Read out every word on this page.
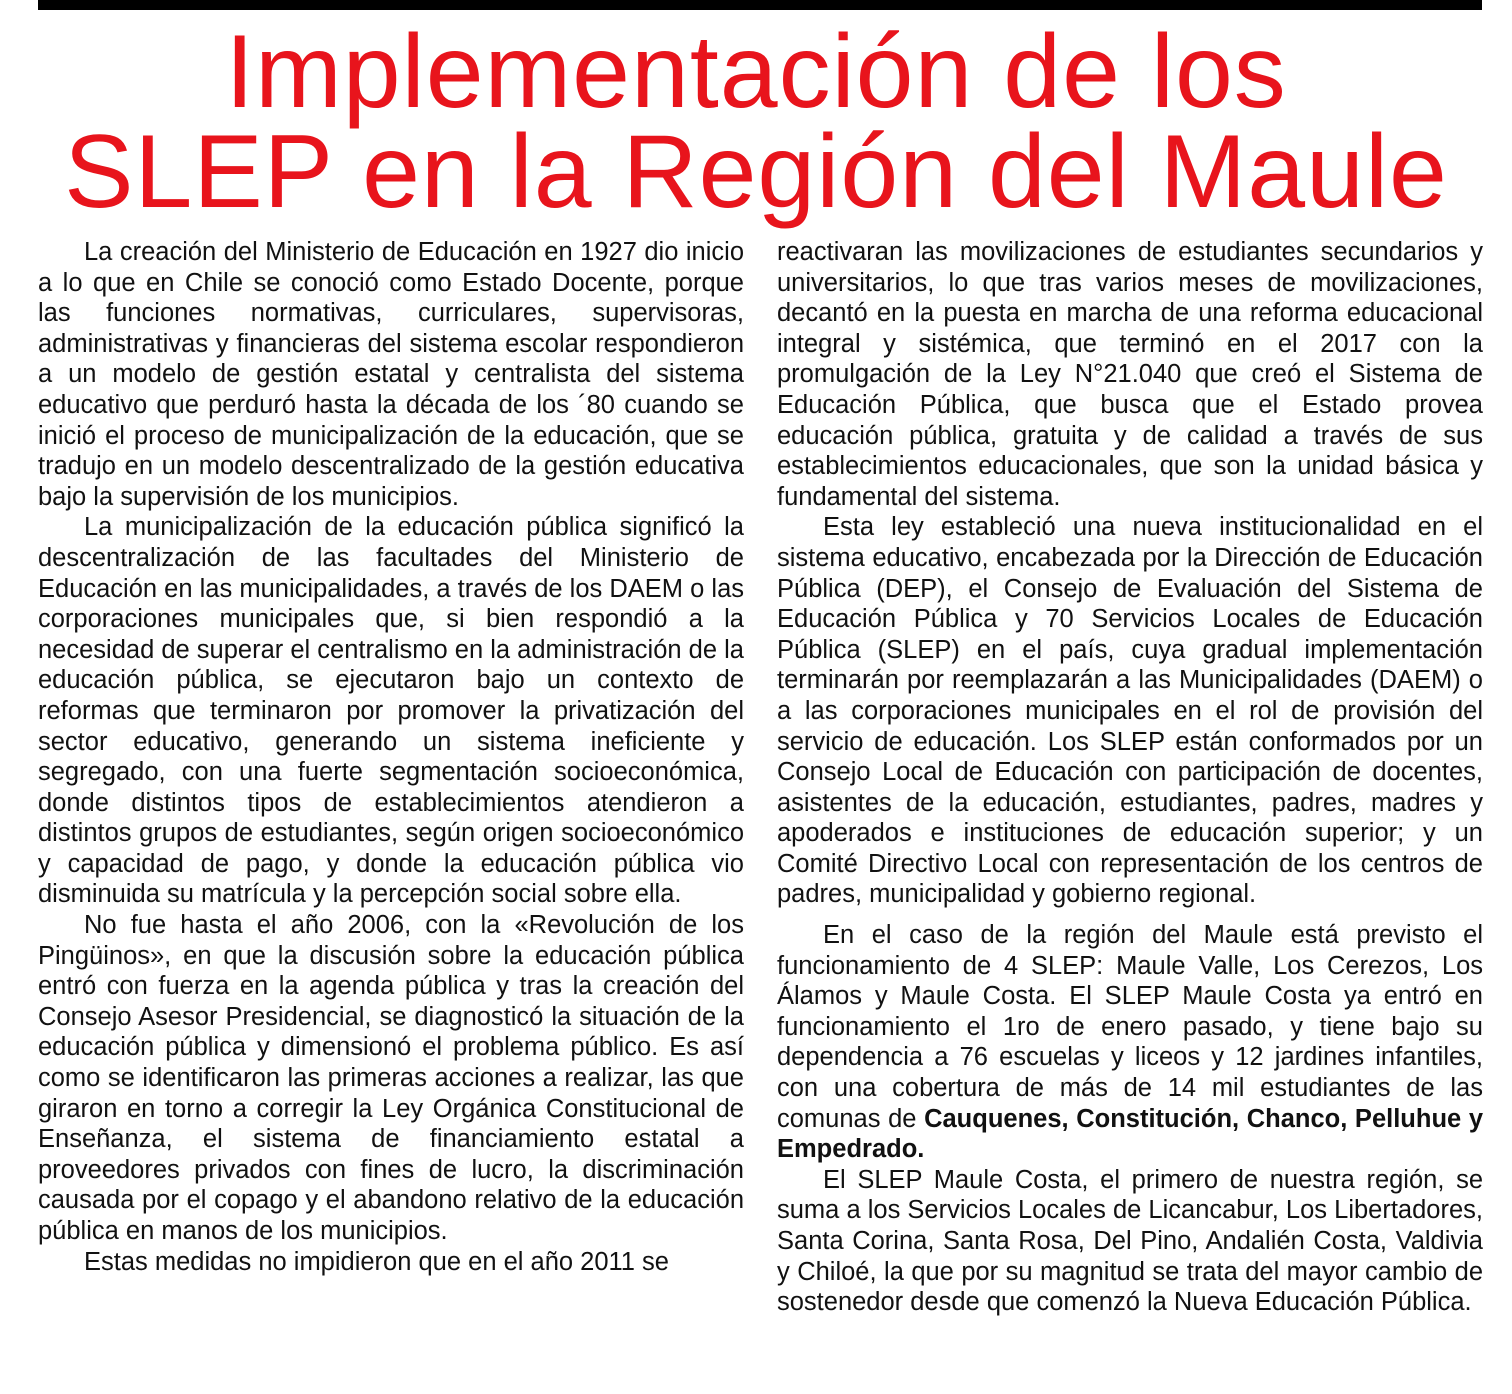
Implementación de los
SLEP en la Región del Maule

La creación del Ministerio de Educación en 1927 dio inicio a lo que en Chile se conoció como Estado Docente, porque las funciones normativas, curriculares, supervisoras, administrativas y financieras del sistema escolar respondieron a un modelo de gestión estatal y centralista del sistema educativo que perduró hasta la década de los ´80 cuando se inició el proceso de municipalización de la educación, que se tradujo en un modelo descentralizado de la gestión educativa bajo la supervisión de los municipios.

La municipalización de la educación pública significó la descentralización de las facultades del Ministerio de Educación en las municipalidades, a través de los DAEM o las corporaciones municipales que, si bien respondió a la necesidad de superar el centralismo en la administración de la educación pública, se ejecutaron bajo un contexto de reformas que terminaron por promover la privatización del sector educativo, generando un sistema ineficiente y segregado, con una fuerte segmentación socioeconómica, donde distintos tipos de establecimientos atendieron a distintos grupos de estudiantes, según origen socioeconómico y capacidad de pago, y donde la educación pública vio disminuida su matrícula y la percepción social sobre ella.

No fue hasta el año 2006, con la «Revolución de los Pingüinos», en que la discusión sobre la educación pública entró con fuerza en la agenda pública y tras la creación del Consejo Asesor Presidencial, se diagnosticó la situación de la educación pública y dimensionó el problema público. Es así como se identificaron las primeras acciones a realizar, las que giraron en torno a corregir la Ley Orgánica Constitucional de Enseñanza, el sistema de financiamiento estatal a proveedores privados con fines de lucro, la discriminación causada por el copago y el abandono relativo de la educación pública en manos de los municipios.

Estas medidas no impidieron que en el año 2011 se

reactivaran las movilizaciones de estudiantes secundarios y universitarios, lo que tras varios meses de movilizaciones, decantó en la puesta en marcha de una reforma educacional integral y sistémica, que terminó en el 2017 con la promulgación de la Ley N°21.040 que creó el Sistema de Educación Pública, que busca que el Estado provea educación pública, gratuita y de calidad a través de sus establecimientos educacionales, que son la unidad básica y fundamental del sistema.

Esta ley estableció una nueva institucionalidad en el sistema educativo, encabezada por la Dirección de Educación Pública (DEP), el Consejo de Evaluación del Sistema de Educación Pública y 70 Servicios Locales de Educación Pública (SLEP) en el país, cuya gradual implementación terminarán por reemplazarán a las Municipalidades (DAEM) o a las corporaciones municipales en el rol de provisión del servicio de educación. Los SLEP están conformados por un Consejo Local de Educación con participación de docentes, asistentes de la educación, estudiantes, padres, madres y apoderados e instituciones de educación superior; y un Comité Directivo Local con representación de los centros de padres, municipalidad y gobierno regional.

En el caso de la región del Maule está previsto el funcionamiento de 4 SLEP: Maule Valle, Los Cerezos, Los Álamos y Maule Costa. El SLEP Maule Costa ya entró en funcionamiento el 1ro de enero pasado, y tiene bajo su dependencia a 76 escuelas y liceos y 12 jardines infantiles, con una cobertura de más de 14 mil estudiantes de las comunas de Cauquenes, Constitución, Chanco, Pelluhue y Empedrado.

El SLEP Maule Costa, el primero de nuestra región, se suma a los Servicios Locales de Licancabur, Los Libertadores, Santa Corina, Santa Rosa, Del Pino, Andalién Costa, Valdivia y Chiloé, la que por su magnitud se trata del mayor cambio de sostenedor desde que comenzó la Nueva Educación Pública.
